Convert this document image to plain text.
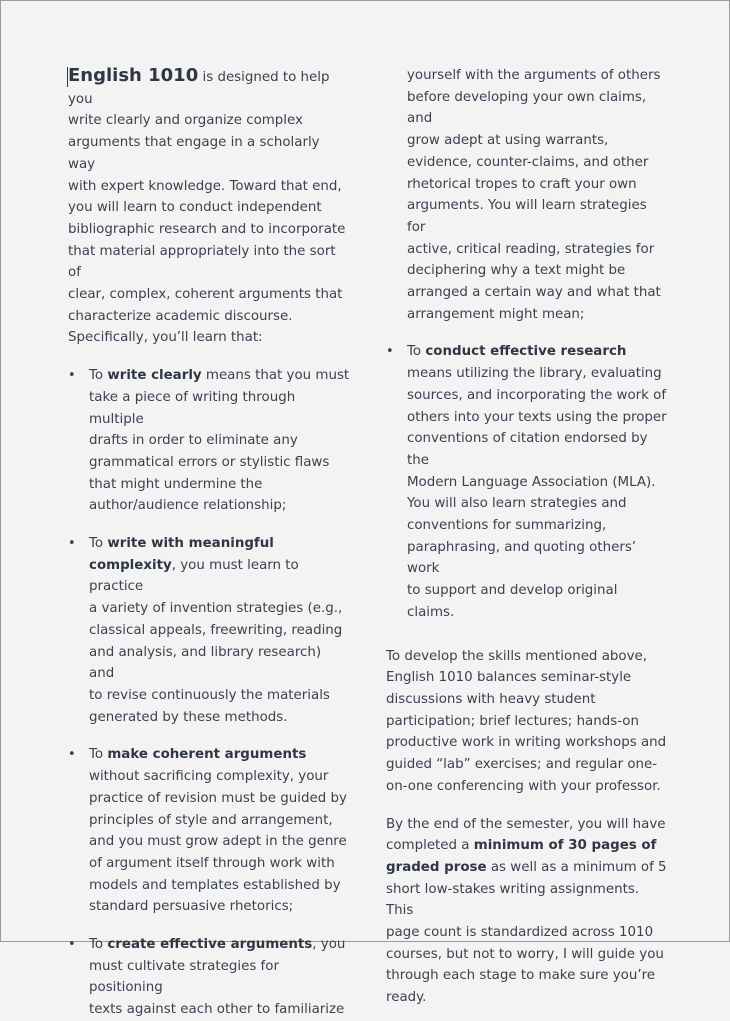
English 1010 is designed to help you
write clearly and organize complex
arguments that engage in a scholarly way
with expert knowledge. Toward that end,
you will learn to conduct independent
bibliographic research and to incorporate
that material appropriately into the sort of
clear, complex, coherent arguments that
characterize academic discourse.
Specifically, you’ll learn that:

• To write clearly means that you must
take a piece of writing through multiple
drafts in order to eliminate any
grammatical errors or stylistic flaws
that might undermine the
author/audience relationship;
• To write with meaningful
complexity, you must learn to practice
a variety of invention strategies (e.g.,
classical appeals, freewriting, reading
and analysis, and library research) and
to revise continuously the materials
generated by these methods.
• To make coherent arguments
without sacrificing complexity, your
practice of revision must be guided by
principles of style and arrangement,
and you must grow adept in the genre
of argument itself through work with
models and templates established by
standard persuasive rhetorics;
• To create effective arguments, you
must cultivate strategies for positioning
texts against each other to familiarize

yourself with the arguments of others
before developing your own claims, and
grow adept at using warrants,
evidence, counter-claims, and other
rhetorical tropes to craft your own
arguments. You will learn strategies for
active, critical reading, strategies for
deciphering why a text might be
arranged a certain way and what that
arrangement might mean;

• To conduct effective research
means utilizing the library, evaluating
sources, and incorporating the work of
others into your texts using the proper
conventions of citation endorsed by the
Modern Language Association (MLA).
You will also learn strategies and
conventions for summarizing,
paraphrasing, and quoting others’ work
to support and develop original claims.

To develop the skills mentioned above,
English 1010 balances seminar-style
discussions with heavy student
participation; brief lectures; hands-on
productive work in writing workshops and
guided “lab” exercises; and regular one-
on-one conferencing with your professor.

By the end of the semester, you will have
completed a minimum of 30 pages of
graded prose as well as a minimum of 5
short low-stakes writing assignments. This
page count is standardized across 1010
courses, but not to worry, I will guide you
through each stage to make sure you’re
ready.
